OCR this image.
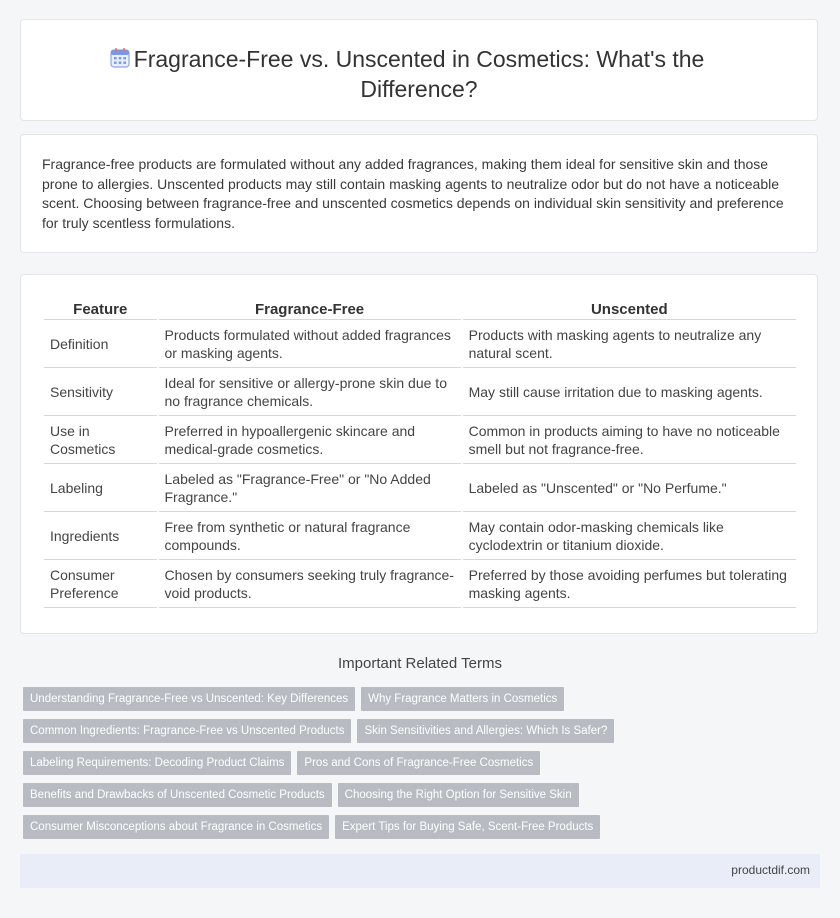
Fragrance-Free vs. Unscented in Cosmetics: What's the Difference?
Fragrance-free products are formulated without any added fragrances, making them ideal for sensitive skin and those prone to allergies. Unscented products may still contain masking agents to neutralize odor but do not have a noticeable scent. Choosing between fragrance-free and unscented cosmetics depends on individual skin sensitivity and preference for truly scentless formulations.
Feature	Fragrance-Free	Unscented
Definition	Products formulated without added fragrances or masking agents.	Products with masking agents to neutralize any natural scent.
Sensitivity	Ideal for sensitive or allergy-prone skin due to no fragrance chemicals.	May still cause irritation due to masking agents.
Use in Cosmetics	Preferred in hypoallergenic skincare and medical-grade cosmetics.	Common in products aiming to have no noticeable smell but not fragrance-free.
Labeling	Labeled as "Fragrance-Free" or "No Added Fragrance."	Labeled as "Unscented" or "No Perfume."
Ingredients	Free from synthetic or natural fragrance compounds.	May contain odor-masking chemicals like cyclodextrin or titanium dioxide.
Consumer Preference	Chosen by consumers seeking truly fragrance-void products.	Preferred by those avoiding perfumes but tolerating masking agents.
Important Related Terms
Understanding Fragrance-Free vs Unscented: Key Differences Why Fragrance Matters in Cosmetics
Common Ingredients: Fragrance-Free vs Unscented Products Skin Sensitivities and Allergies: Which Is Safer?
Labeling Requirements: Decoding Product Claims Pros and Cons of Fragrance-Free Cosmetics
Benefits and Drawbacks of Unscented Cosmetic Products Choosing the Right Option for Sensitive Skin
Consumer Misconceptions about Fragrance in Cosmetics Expert Tips for Buying Safe, Scent-Free Products
productdif.com
